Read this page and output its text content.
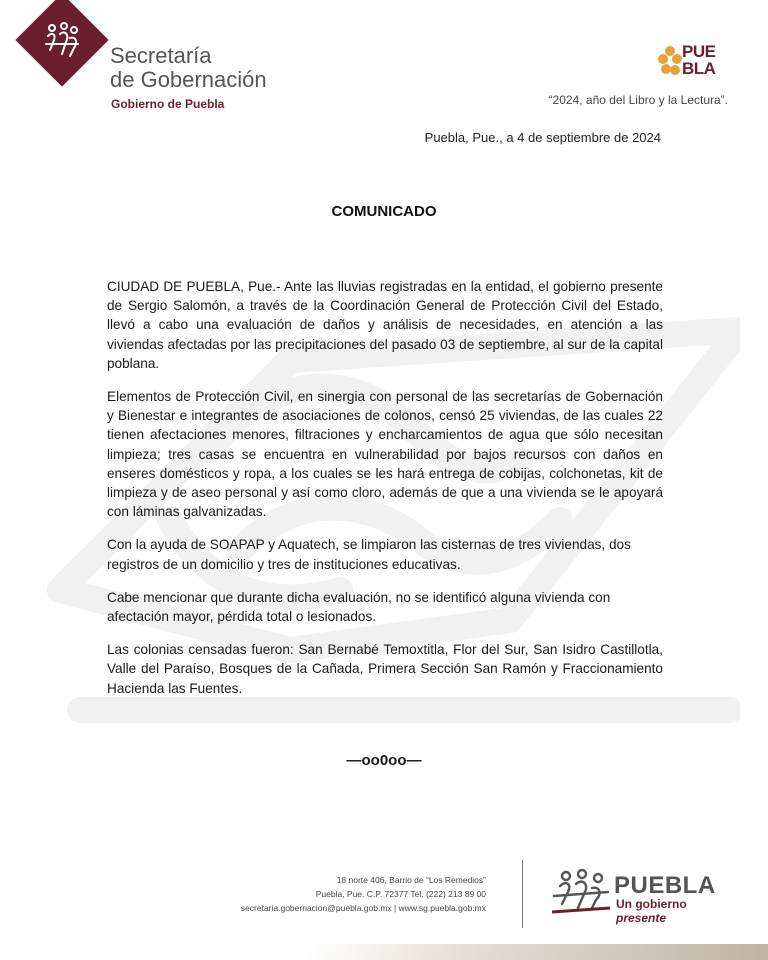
Secretaría
de Gobernación
Gobierno de Puebla
PUE
BLA
“2024, año del Libro y la Lectura”.
Puebla, Pue., a 4 de septiembre de 2024
COMUNICADO

CIUDAD DE PUEBLA, Pue.- Ante las lluvias registradas en la entidad, el gobierno presente de Sergio Salomón, a través de la Coordinación General de Protección Civil del Estado, llevó a cabo una evaluación de daños y análisis de necesidades, en atención a las viviendas afectadas por las precipitaciones del pasado 03 de septiembre, al sur de la capital poblana.

Elementos de Protección Civil, en sinergia con personal de las secretarías de Gobernación y Bienestar e integrantes de asociaciones de colonos, censó 25 viviendas, de las cuales 22 tienen afectaciones menores, filtraciones y encharcamientos de agua que sólo necesitan limpieza; tres casas se encuentra en vulnerabilidad por bajos recursos con daños en enseres domésticos y ropa, a los cuales se les hará entrega de cobijas, colchonetas, kit de limpieza y de aseo personal y así como cloro, además de que a una vivienda se le apoyará con láminas galvanizadas.

Con la ayuda de SOAPAP y Aquatech, se limpiaron las cisternas de tres viviendas, dos registros de un domicilio y tres de instituciones educativas.

Cabe mencionar que durante dicha evaluación, no se identificó alguna vivienda con afectación mayor, pérdida total o lesionados.

Las colonias censadas fueron: San Bernabé Temoxtitla, Flor del Sur, San Isidro Castillotla, Valle del Paraíso, Bosques de la Cañada, Primera Sección San Ramón y Fraccionamiento Hacienda las Fuentes.

—oo0oo—
18 norte 406, Barrio de “Los Remedios”
Puebla, Pue. C.P. 72377 Tel. (222) 213 89 00
secretaria.gobernacion@puebla.gob.mx | www.sg.puebla.gob.mx
PUEBLA
Un gobierno presente
